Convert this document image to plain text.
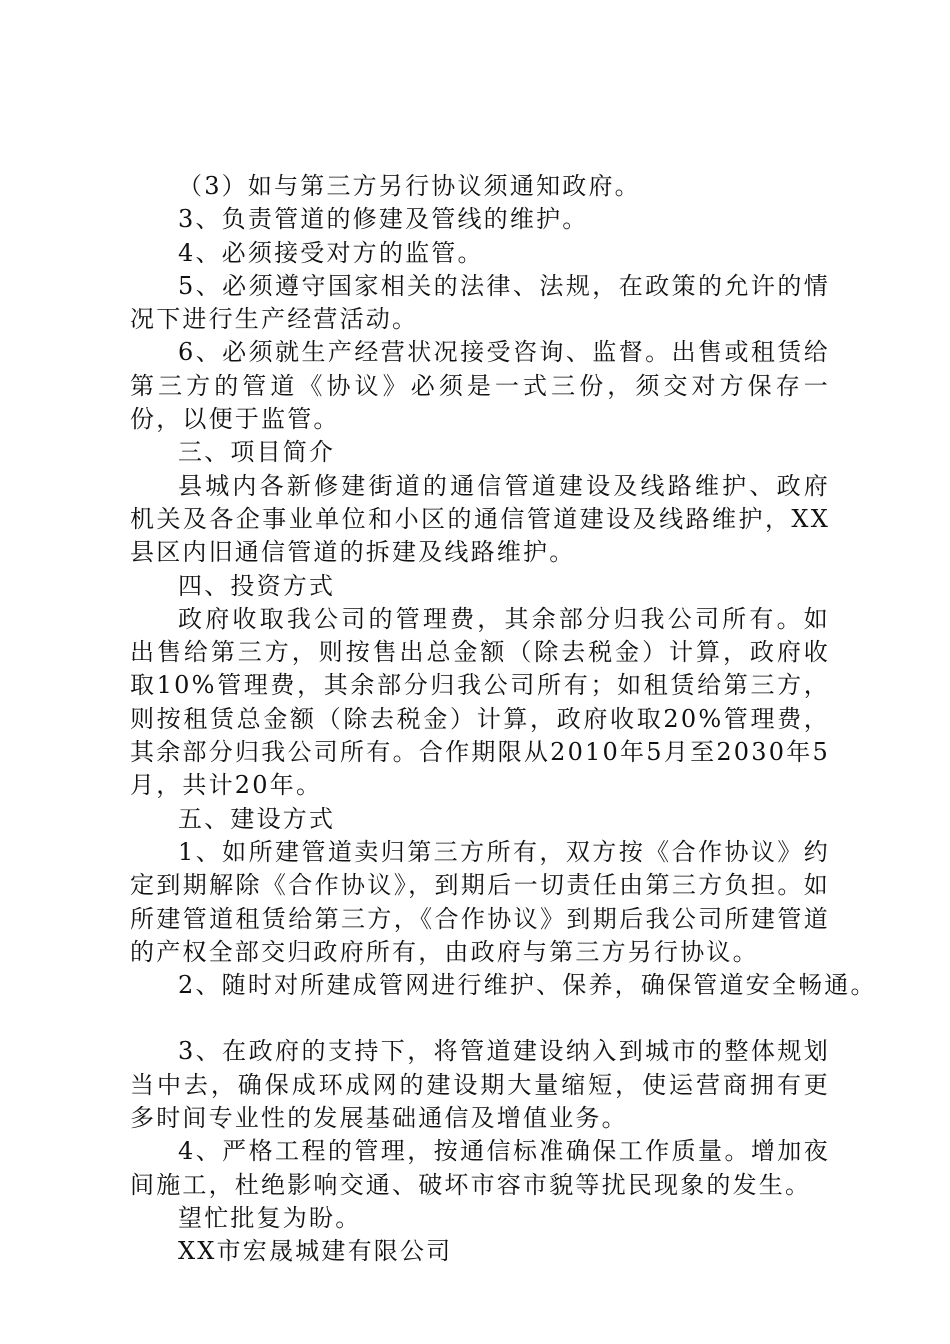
（3）如与第三方另行协议须通知政府。

3、负责管道的修建及管线的维护。

4、必须接受对方的监管。

5、必须遵守国家相关的法律、法规，在政策的允许的情况下进行生产经营活动。

6、必须就生产经营状况接受咨询、监督。出售或租赁给第三方的管道《协议》必须是一式三份，须交对方保存一份，以便于监管。

三、项目简介

县城内各新修建街道的通信管道建设及线路维护、政府机关及各企事业单位和小区的通信管道建设及线路维护，XX县区内旧通信管道的拆建及线路维护。

四、投资方式

政府收取我公司的管理费，其余部分归我公司所有。如出售给第三方，则按售出总金额（除去税金）计算，政府收取10%管理费，其余部分归我公司所有；如租赁给第三方，则按租赁总金额（除去税金）计算，政府收取20%管理费，其余部分归我公司所有。合作期限从2010年5月至2030年5月，共计20年。

五、建设方式

1、如所建管道卖归第三方所有，双方按《合作协议》约定到期解除《合作协议》，到期后一切责任由第三方负担。如所建管道租赁给第三方，《合作协议》到期后我公司所建管道的产权全部交归政府所有，由政府与第三方另行协议。

2、随时对所建成管网进行维护、保养，确保管道安全畅通。

3、在政府的支持下，将管道建设纳入到城市的整体规划当中去，确保成环成网的建设期大量缩短，使运营商拥有更多时间专业性的发展基础通信及增值业务。

4、严格工程的管理，按通信标准确保工作质量。增加夜间施工，杜绝影响交通、破坏市容市貌等扰民现象的发生。

望忙批复为盼。

XX市宏晟城建有限公司
